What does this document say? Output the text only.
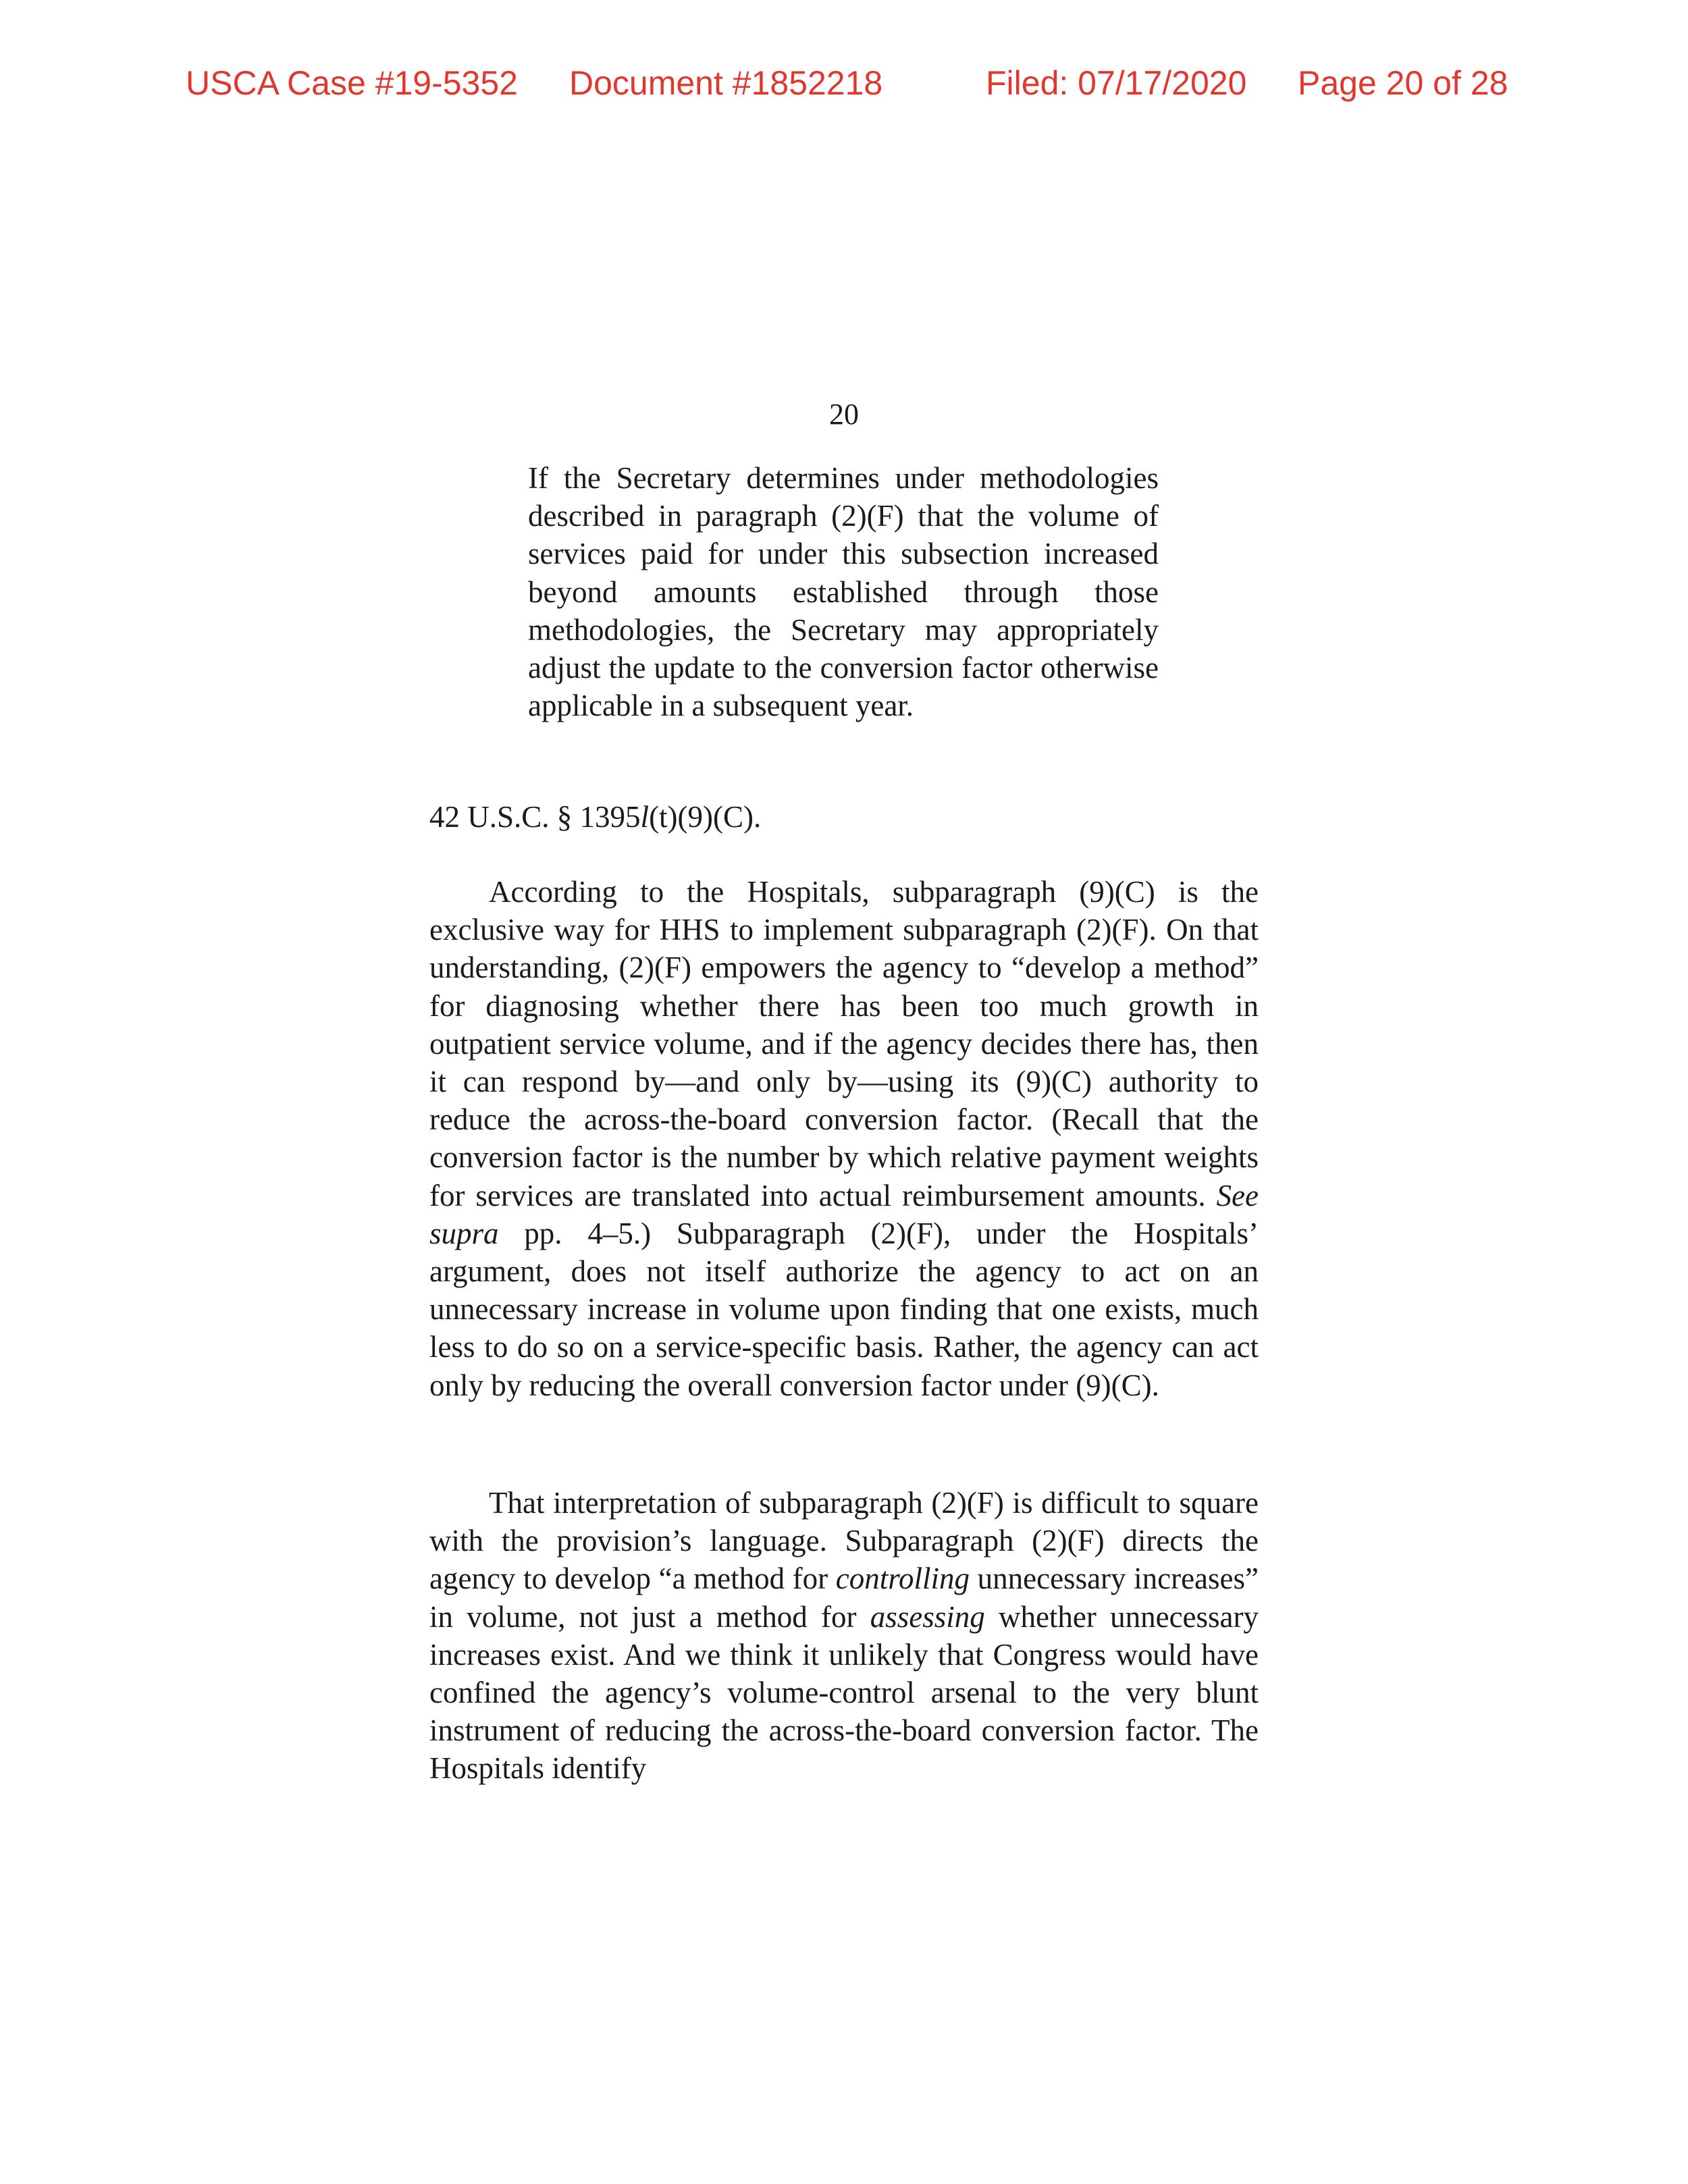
USCA Case #19-5352 Document #1852218	Filed: 07/17/2020 Page 20 of 28
20
If the Secretary determines under methodologies described in paragraph (2)(F) that the volume of services paid for under this subsection increased beyond amounts established through those methodologies, the Secretary may appropriately adjust the update to the conversion factor otherwise applicable in a subsequent year.
42 U.S.C. § 1395l(t)(9)(C).
According to the Hospitals, subparagraph (9)(C) is the exclusive way for HHS to implement subparagraph (2)(F). On that understanding, (2)(F) empowers the agency to “develop a method” for diagnosing whether there has been too much growth in outpatient service volume, and if the agency decides there has, then it can respond by—and only by—using its (9)(C) authority to reduce the across-the-board conversion factor. (Recall that the conversion factor is the number by which relative payment weights for services are translated into actual reimbursement amounts. See supra pp. 4–5.) Subparagraph (2)(F), under the Hospitals’ argument, does not itself authorize the agency to act on an unnecessary increase in volume upon finding that one exists, much less to do so on a service-specific basis. Rather, the agency can act only by reducing the overall conversion factor under (9)(C).
That interpretation of subparagraph (2)(F) is difficult to square with the provision’s language. Subparagraph (2)(F) directs the agency to develop “a method for controlling unnecessary increases” in volume, not just a method for assessing whether unnecessary increases exist. And we think it unlikely that Congress would have confined the agency’s volume-control arsenal to the very blunt instrument of reducing the across-the-board conversion factor. The Hospitals identify
